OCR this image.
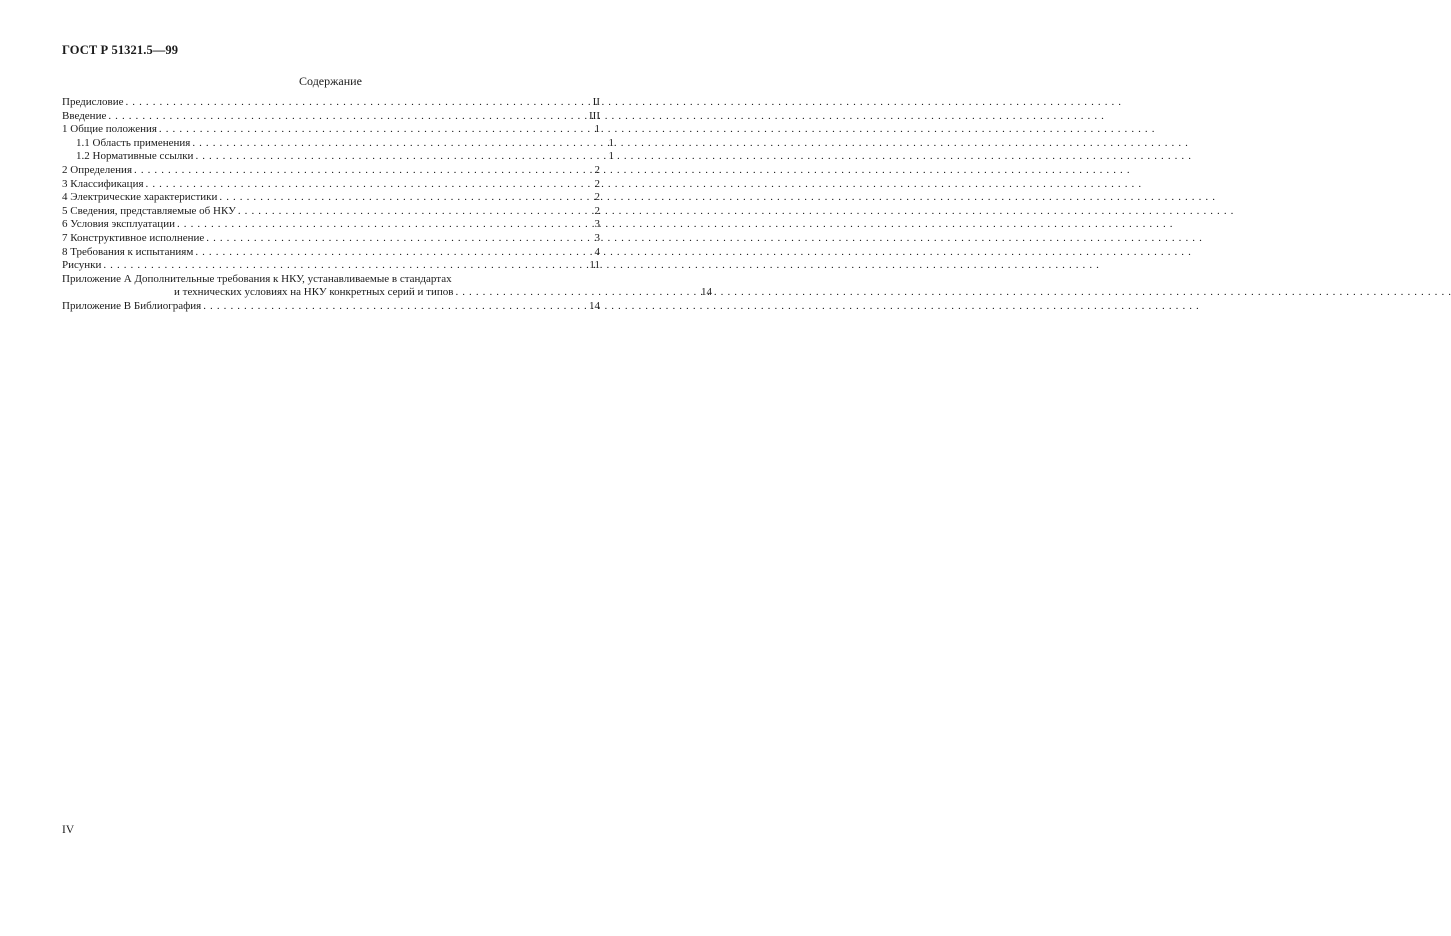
ГОСТ Р 51321.5—99
Содержание
Предисловие . . .	II
Введение . . .	III
1 Общие положения . . .	1
1.1 Область применения . . .	1
1.2 Нормативные ссылки . . .	1
2 Определения . . .	2
3 Классификация . . .	2
4 Электрические характеристики . . .	2
5 Сведения, представляемые об НКУ . . .	2
6 Условия эксплуатации . . .	3
7 Конструктивное исполнение . . .	3
8 Требования к испытаниям . . .	4
Рисунки . . .	11
Приложение А Дополнительные требования к НКУ, устанавливаемые в стандартах
и технических условиях на НКУ конкретных серий и типов . . .	14
Приложение В Библиография . . .	14
IV
